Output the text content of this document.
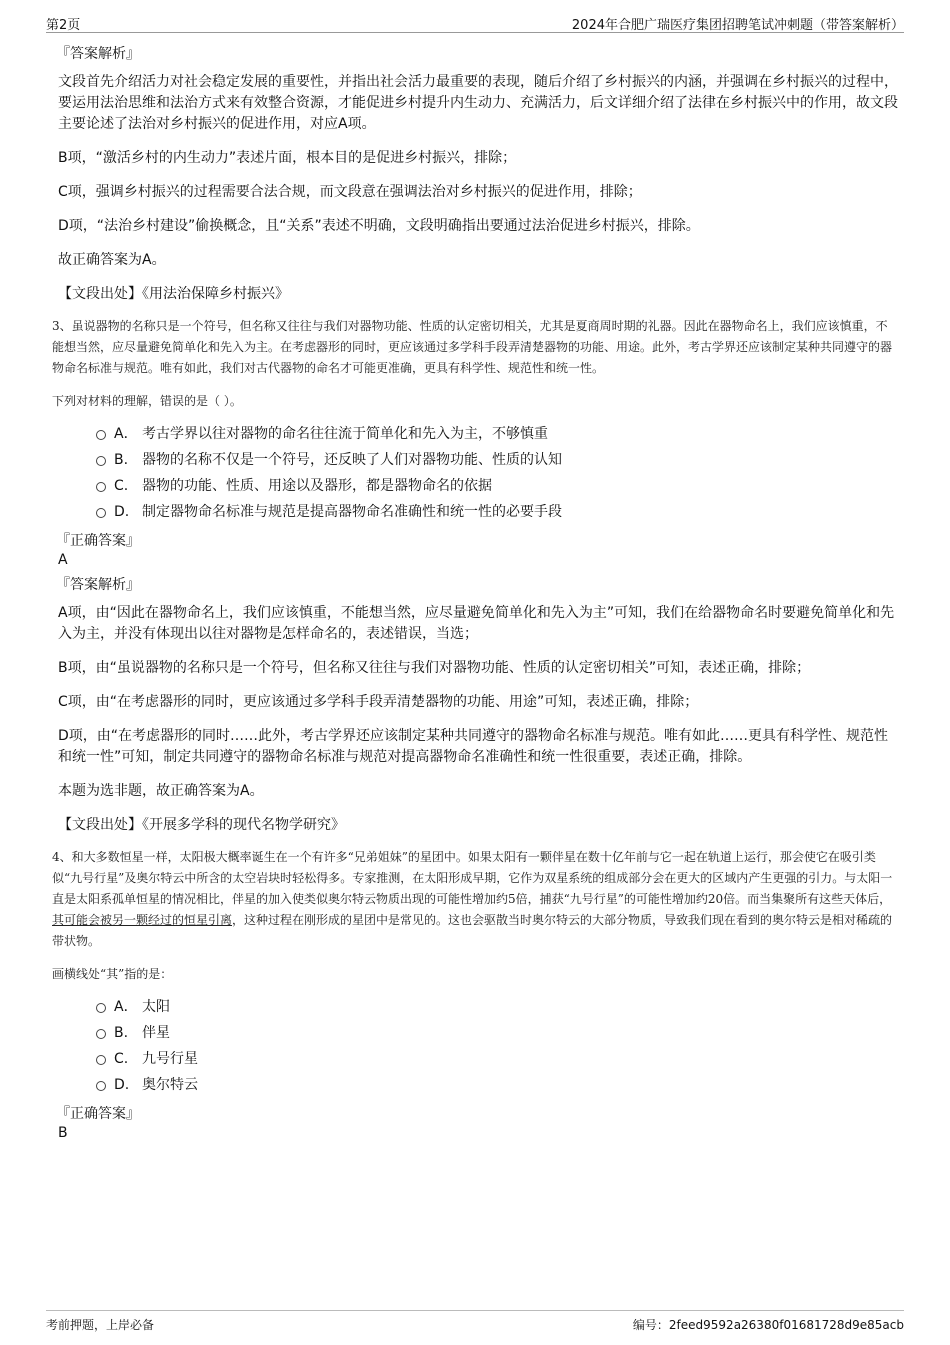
第2页	2024年合肥广瑞医疗集团招聘笔试冲刺题（带答案解析）
『答案解析』
文段首先介绍活力对社会稳定发展的重要性，并指出社会活力最重要的表现，随后介绍了乡村振兴的内涵，并强调在乡村振兴的过程中，要运用法治思维和法治方式来有效整合资源，才能促进乡村提升内生动力、充满活力，后文详细介绍了法律在乡村振兴中的作用，故文段主要论述了法治对乡村振兴的促进作用，对应A项。
B项，“激活乡村的内生动力”表述片面，根本目的是促进乡村振兴，排除；
C项，强调乡村振兴的过程需要合法合规，而文段意在强调法治对乡村振兴的促进作用，排除；
D项，“法治乡村建设”偷换概念，且“关系”表述不明确，文段明确指出要通过法治促进乡村振兴，排除。
故正确答案为A。
【文段出处】《用法治保障乡村振兴》
3、虽说器物的名称只是一个符号，但名称又往往与我们对器物功能、性质的认定密切相关，尤其是夏商周时期的礼器。因此在器物命名上，我们应该慎重，不能想当然，应尽量避免简单化和先入为主。在考虑器形的同时，更应该通过多学科手段弄清楚器物的功能、用途。此外，考古学界还应该制定某种共同遵守的器物命名标准与规范。唯有如此，我们对古代器物的命名才可能更准确，更具有科学性、规范性和统一性。
下列对材料的理解，错误的是（ ）。
A． 考古学界以往对器物的命名往往流于简单化和先入为主，不够慎重
B. 器物的名称不仅是一个符号，还反映了人们对器物功能、性质的认知
C. 器物的功能、性质、用途以及器形，都是器物命名的依据
D. 制定器物命名标准与规范是提高器物命名准确性和统一性的必要手段
『正确答案』
A
『答案解析』
A项，由“因此在器物命名上，我们应该慎重，不能想当然，应尽量避免简单化和先入为主”可知，我们在给器物命名时要避免简单化和先入为主，并没有体现出以往对器物是怎样命名的，表述错误，当选；
B项，由“虽说器物的名称只是一个符号，但名称又往往与我们对器物功能、性质的认定密切相关”可知，表述正确，排除；
C项，由“在考虑器形的同时，更应该通过多学科手段弄清楚器物的功能、用途”可知，表述正确，排除；
D项，由“在考虑器形的同时……此外，考古学界还应该制定某种共同遵守的器物命名标准与规范。唯有如此……更具有科学性、规范性和统一性”可知，制定共同遵守的器物命名标准与规范对提高器物命名准确性和统一性很重要，表述正确，排除。
本题为选非题，故正确答案为A。
【文段出处】《开展多学科的现代名物学研究》
4、和大多数恒星一样，太阳极大概率诞生在一个有许多“兄弟姐妹”的星团中。如果太阳有一颗伴星在数十亿年前与它一起在轨道上运行，那会使它在吸引类似“九号行星”及奥尔特云中所含的太空岩块时轻松得多。专家推测，在太阳形成早期，它作为双星系统的组成部分会在更大的区域内产生更强的引力。与太阳一直是太阳系孤单恒星的情况相比，伴星的加入使类似奥尔特云物质出现的可能性增加约5倍，捕获“九号行星”的可能性增加约20倍。而当集聚所有这些天体后，其可能会被另一颗经过的恒星引离，这种过程在刚形成的星团中是常见的。这也会驱散当时奥尔特云的大部分物质，导致我们现在看到的奥尔特云是相对稀疏的带状物。
画横线处“其”指的是：
A． 太阳
B. 伴星
C. 九号行星
D. 奥尔特云
『正确答案』
B
考前押题，上岸必备	编号：2feed9592a26380f01681728d9e85acb
